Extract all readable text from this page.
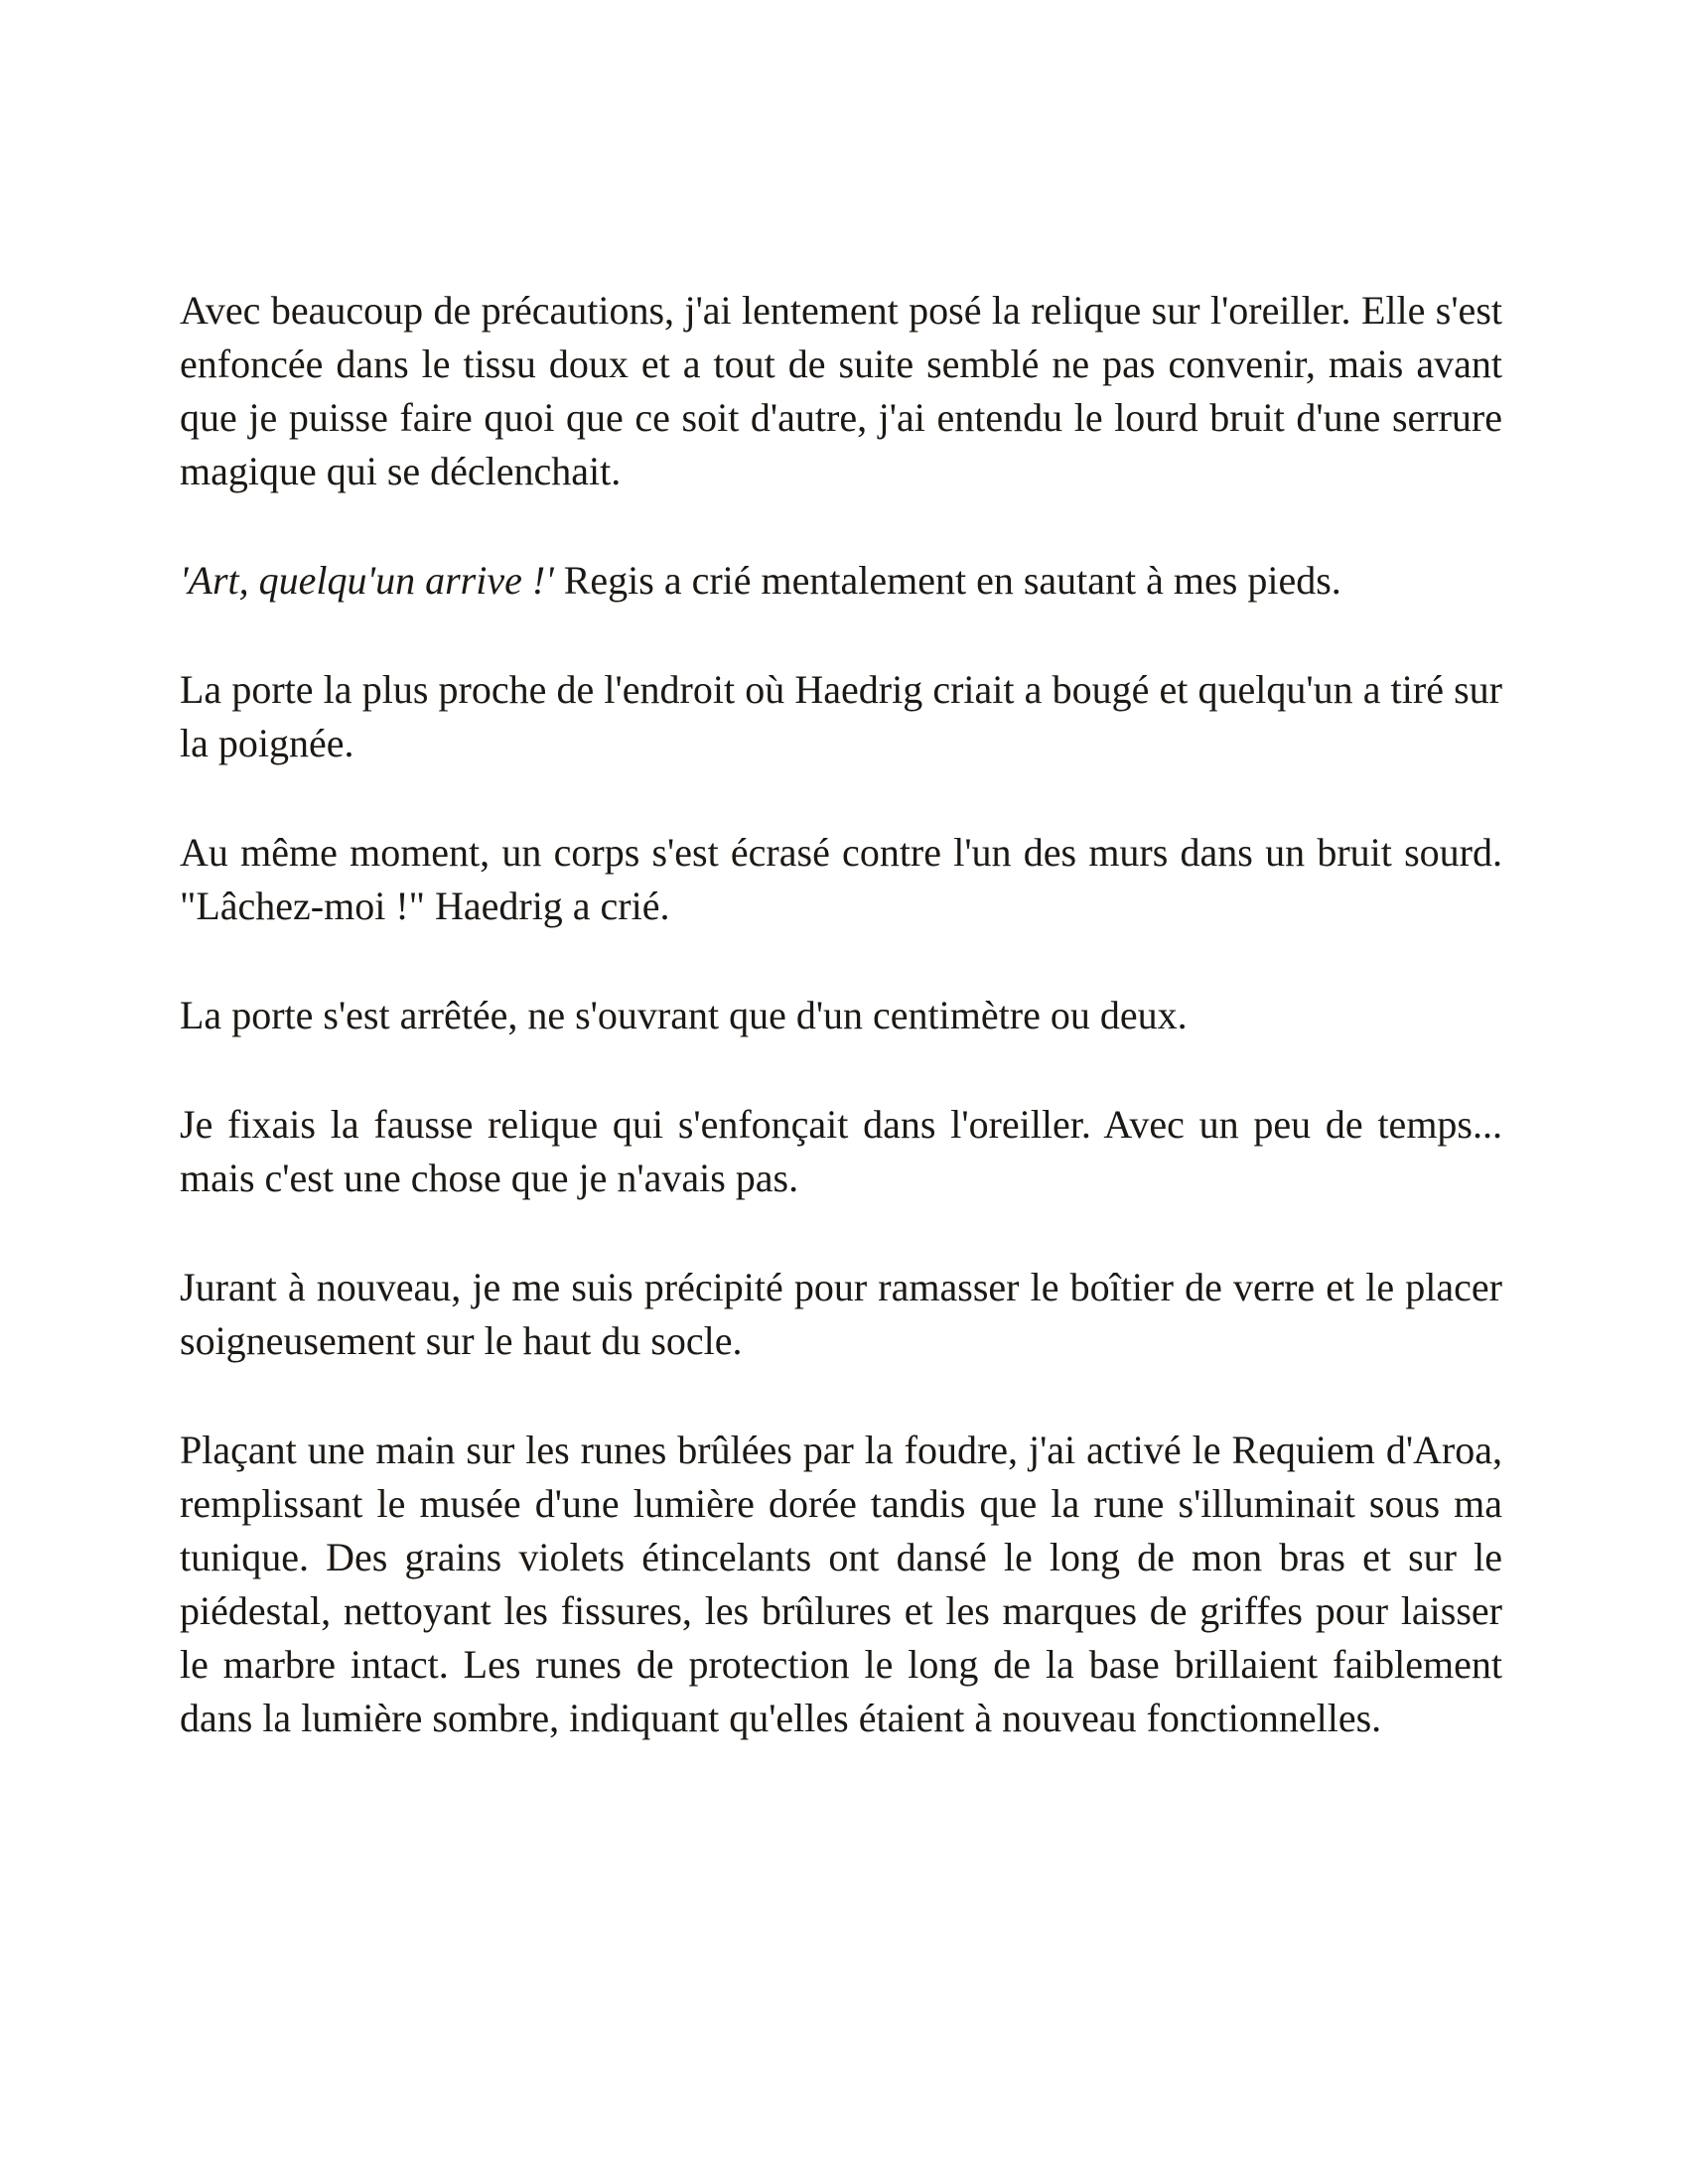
Avec beaucoup de précautions, j'ai lentement posé la relique sur l'oreiller. Elle s'est enfoncée dans le tissu doux et a tout de suite semblé ne pas convenir, mais avant que je puisse faire quoi que ce soit d'autre, j'ai entendu le lourd bruit d'une serrure magique qui se déclenchait.

'Art, quelqu'un arrive !' Regis a crié mentalement en sautant à mes pieds.

La porte la plus proche de l'endroit où Haedrig criait a bougé et quelqu'un a tiré sur la poignée.

Au même moment, un corps s'est écrasé contre l'un des murs dans un bruit sourd. "Lâchez-moi !" Haedrig a crié.

La porte s'est arrêtée, ne s'ouvrant que d'un centimètre ou deux.

Je fixais la fausse relique qui s'enfonçait dans l'oreiller. Avec un peu de temps... mais c'est une chose que je n'avais pas.

Jurant à nouveau, je me suis précipité pour ramasser le boîtier de verre et le placer soigneusement sur le haut du socle.

Plaçant une main sur les runes brûlées par la foudre, j'ai activé le Requiem d'Aroa, remplissant le musée d'une lumière dorée tandis que la rune s'illuminait sous ma tunique. Des grains violets étincelants ont dansé le long de mon bras et sur le piédestal, nettoyant les fissures, les brûlures et les marques de griffes pour laisser le marbre intact. Les runes de protection le long de la base brillaient faiblement dans la lumière sombre, indiquant qu'elles étaient à nouveau fonctionnelles.
